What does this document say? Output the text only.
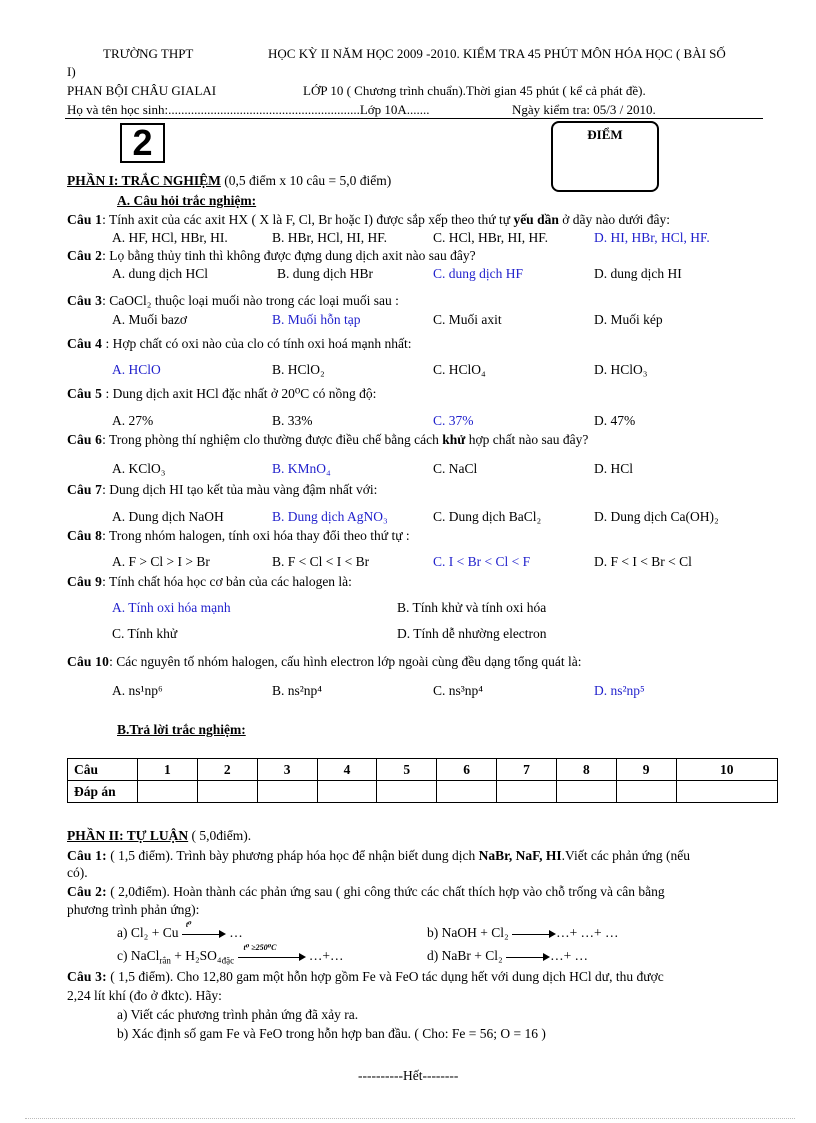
TRƯỜNG THPT	HỌC KỲ II NĂM HỌC 2009 -2010. KIỂM TRA 45 PHÚT MÔN HÓA HỌC ( BÀI SỐ
I)
PHAN BỘI CHÂU GIALAI	LỚP 10 ( Chương trình chuẩn).Thời gian 45 phút ( kể cả phát đề).
Họ và tên học sinh:...........................................................Lớp 10A.......	Ngày kiểm tra: 05/3 / 2010.
2	ĐIỂM
PHẦN I: TRẮC NGHIỆM (0,5 điểm x 10 câu = 5,0 điểm)
A. Câu hỏi trắc nghiệm:
Câu 1: Tính axit của các axit HX ( X là F, Cl, Br hoặc I) được sắp xếp theo thứ tự yếu dần ở dãy nào dưới đây:
A. HF, HCl, HBr, HI.	B. HBr, HCl, HI, HF.	C. HCl, HBr, HI, HF.	D. HI, HBr, HCl, HF.
Câu 2: Lọ bằng thủy tinh thì không được đựng dung dịch axit nào sau đây?
A. dung dịch HCl	B. dung dịch HBr	C. dung dịch HF	D. dung dịch HI
Câu 3: CaOCl₂ thuộc loại muối nào trong các loại muối sau :
A. Muối bazơ	B. Muối hỗn tạp	C. Muối axit	D. Muối kép
Câu 4 : Hợp chất có oxi nào của clo có tính oxi hoá mạnh nhất:
A. HClO	B. HClO₂	C. HClO₄	D. HClO₃
Câu 5 : Dung dịch axit HCl đặc nhất ở 20⁰C có nồng độ:
A. 27%	B. 33%	C. 37%	D. 47%
Câu 6: Trong phòng thí nghiệm clo thường được điều chế bằng cách khử hợp chất nào sau đây?
A. KClO₃	B. KMnO₄	C. NaCl	D. HCl
Câu 7: Dung dịch HI tạo kết tủa màu vàng đậm nhất với:
A. Dung dịch NaOH	B. Dung dịch AgNO₃	C. Dung dịch BaCl₂	D. Dung dịch Ca(OH)₂
Câu 8: Trong nhóm halogen, tính oxi hóa thay đổi theo thứ tự :
A. F > Cl > I > Br	B. F < Cl < I < Br	C. I < Br < Cl < F	D. F < I < Br < Cl
Câu 9: Tính chất hóa học cơ bản của các halogen là:
A. Tính oxi hóa mạnh	B. Tính khử và tính oxi hóa
C. Tính khử	D. Tính dễ nhường electron
Câu 10: Các nguyên tố nhóm halogen, cấu hình electron lớp ngoài cùng đều dạng tổng quát là:
A. ns¹np⁶	B. ns²np⁴	C. ns³np⁴	D. ns²np⁵
B.Trả lời trắc nghiệm:
Câu	1	2	3	4	5	6	7	8	9	10
Đáp án										
PHẦN II: TỰ LUẬN ( 5,0điểm).
Câu 1: ( 1,5 điểm). Trình bày phương pháp hóa học để nhận biết dung dịch NaBr, NaF, HI.Viết các phản ứng (nếu
có).
Câu 2: ( 2,0điểm). Hoàn thành các phản ứng sau ( ghi công thức các chất thích hợp vào chỗ trống và cân bằng
phương trình phản ứng):
a) Cl₂ + Cu
t⁰
…	b) NaOH + Cl₂	…+ …+ …
c) NaCl$_{rắn}$ + $H_2SO_4_{đặc}$
t⁰ ≥250⁰C
…+…	d) NaBr + Cl₂	…+ …
Câu 3: ( 1,5 điểm). Cho 12,80 gam một hỗn hợp gồm Fe và FeO tác dụng hết với dung dịch HCl dư, thu được
2,24 lít khí (đo ở đktc). Hãy:
a) Viết các phương trình phản ứng đã xảy ra.
b) Xác định số gam Fe và FeO trong hỗn hợp ban đầu. ( Cho: Fe = 56; O = 16 )
----------Hết--------
